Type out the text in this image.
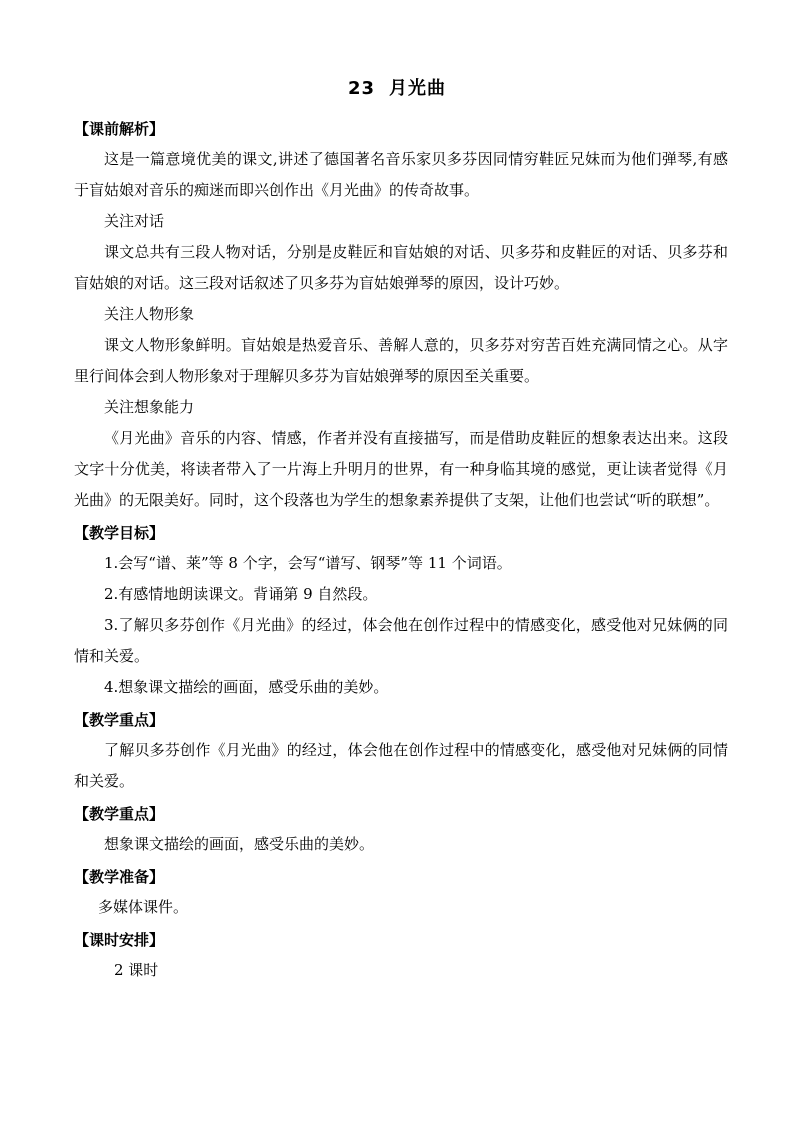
23 月光曲

【课前解析】

这是一篇意境优美的课文,讲述了德国著名音乐家贝多芬因同情穷鞋匠兄妹而为他们弹琴,有感于盲姑娘对音乐的痴迷而即兴创作出《月光曲》的传奇故事。

关注对话

课文总共有三段人物对话，分别是皮鞋匠和盲姑娘的对话、贝多芬和皮鞋匠的对话、贝多芬和盲姑娘的对话。这三段对话叙述了贝多芬为盲姑娘弹琴的原因，设计巧妙。

关注人物形象

课文人物形象鲜明。盲姑娘是热爱音乐、善解人意的，贝多芬对穷苦百姓充满同情之心。从字里行间体会到人物形象对于理解贝多芬为盲姑娘弹琴的原因至关重要。

关注想象能力

《月光曲》音乐的内容、情感，作者并没有直接描写，而是借助皮鞋匠的想象表达出来。这段文字十分优美，将读者带入了一片海上升明月的世界，有一种身临其境的感觉，更让读者觉得《月光曲》的无限美好。同时，这个段落也为学生的想象素养提供了支架，让他们也尝试“听的联想”。

【教学目标】

1.会写“谱、莱”等 8 个字，会写“谱写、钢琴”等 11 个词语。

2.有感情地朗读课文。背诵第 9 自然段。

3.了解贝多芬创作《月光曲》的经过，体会他在创作过程中的情感变化，感受他对兄妹俩的同情和关爱。

4.想象课文描绘的画面，感受乐曲的美妙。

【教学重点】

了解贝多芬创作《月光曲》的经过，体会他在创作过程中的情感变化，感受他对兄妹俩的同情和关爱。

【教学重点】

想象课文描绘的画面，感受乐曲的美妙。

【教学准备】

多媒体课件。

【课时安排】

2 课时
